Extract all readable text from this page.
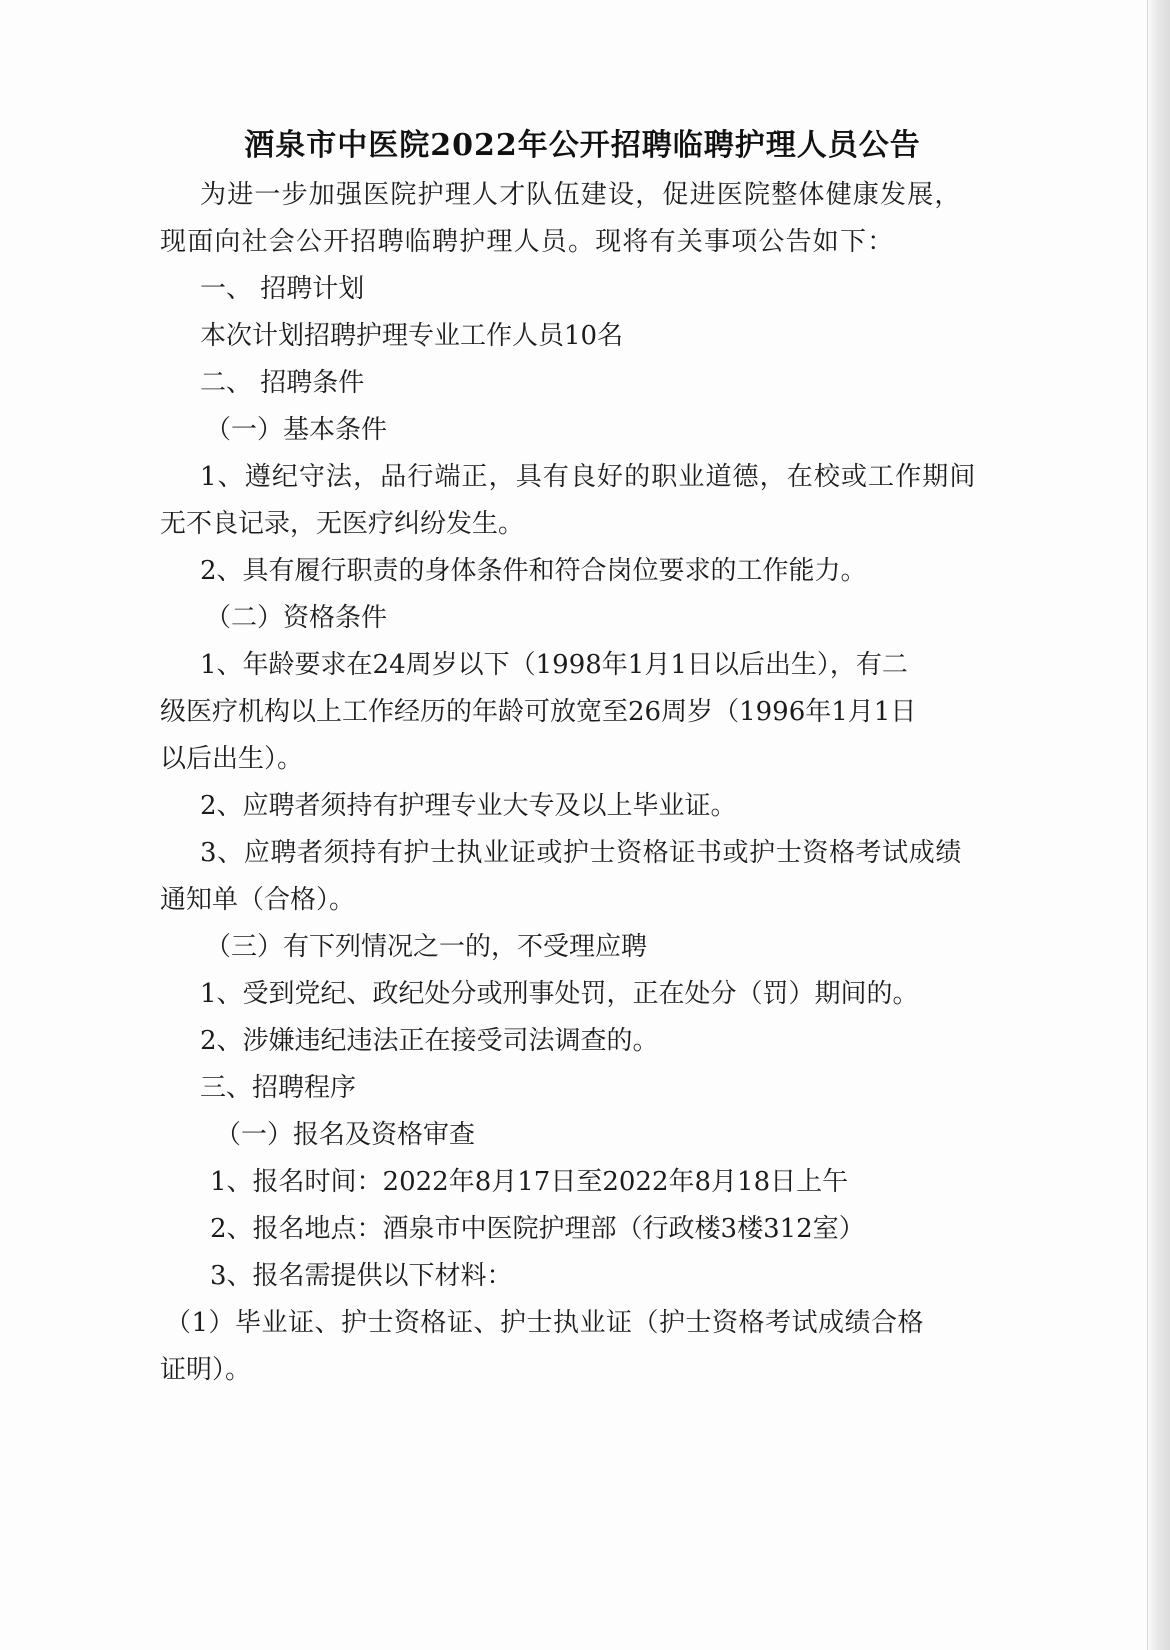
酒泉市中医院2022年公开招聘临聘护理人员公告
为进一步加强医院护理人才队伍建设，促进医院整体健康发展，
现面向社会公开招聘临聘护理人员。现将有关事项公告如下：
一、 招聘计划
本次计划招聘护理专业工作人员10名
二、 招聘条件
（一）基本条件
1、遵纪守法，品行端正，具有良好的职业道德，在校或工作期间
无不良记录，无医疗纠纷发生。
2、具有履行职责的身体条件和符合岗位要求的工作能力。
（二）资格条件
1、年龄要求在24周岁以下（1998年1月1日以后出生），有二
级医疗机构以上工作经历的年龄可放宽至26周岁（1996年1月1日
以后出生）。
2、应聘者须持有护理专业大专及以上毕业证。
3、应聘者须持有护士执业证或护士资格证书或护士资格考试成绩
通知单（合格）。
（三）有下列情况之一的，不受理应聘
1、受到党纪、政纪处分或刑事处罚，正在处分（罚）期间的。
2、涉嫌违纪违法正在接受司法调查的。
三、招聘程序
（一）报名及资格审查
1、报名时间：2022年8月17日至2022年8月18日上午
2、报名地点：酒泉市中医院护理部（行政楼3楼312室）
3、报名需提供以下材料：
（1）毕业证、护士资格证、护士执业证（护士资格考试成绩合格
证明）。
